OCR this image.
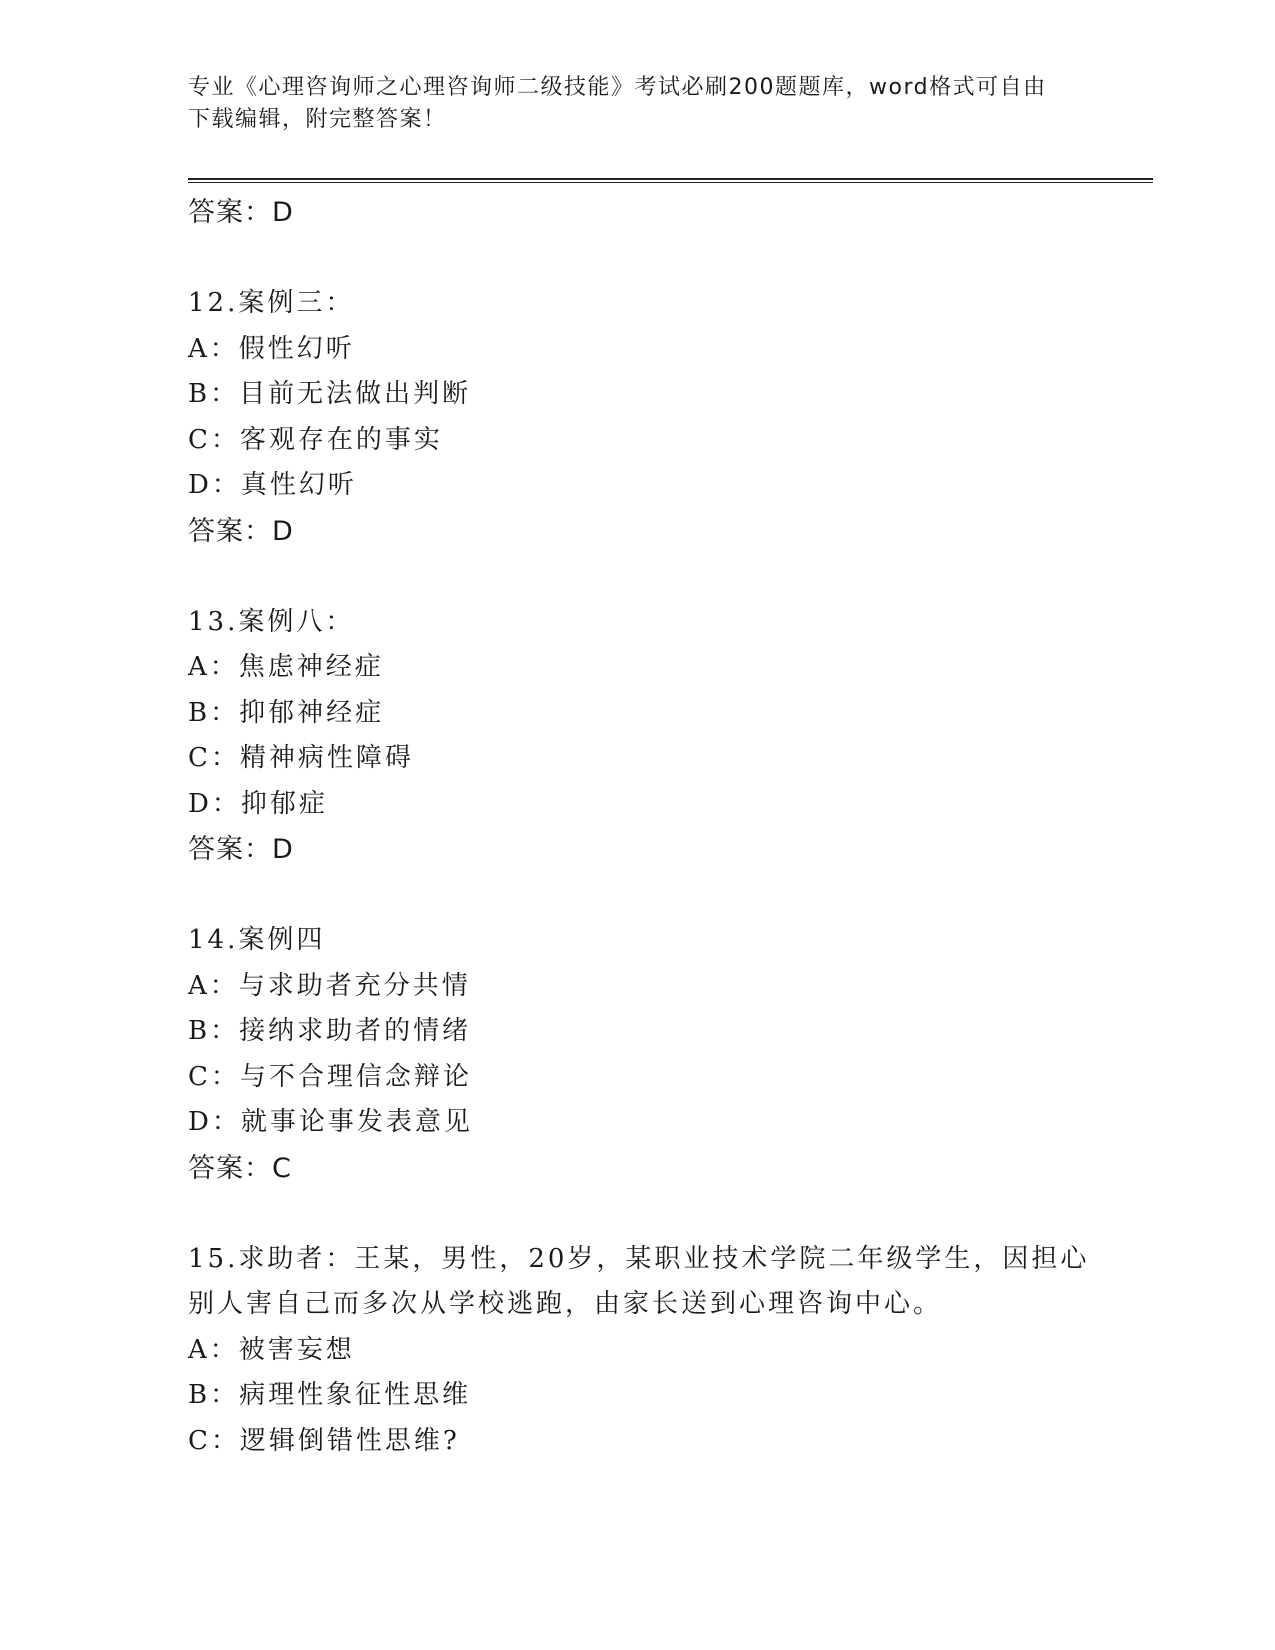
专业《心理咨询师之心理咨询师二级技能》考试必刷200题题库，word格式可自由下载编辑，附完整答案！
答案：D
12.案例三：
A：假性幻听
B：目前无法做出判断
C：客观存在的事实
D：真性幻听
答案：D
13.案例八：
A：焦虑神经症
B：抑郁神经症
C：精神病性障碍
D：抑郁症
答案：D
14.案例四
A：与求助者充分共情
B：接纳求助者的情绪
C：与不合理信念辩论
D：就事论事发表意见
答案：C
15.求助者：王某，男性，20岁，某职业技术学院二年级学生，因担心别人害自己而多次从学校逃跑，由家长送到心理咨询中心。
A：被害妄想
B：病理性象征性思维
C：逻辑倒错性思维?
